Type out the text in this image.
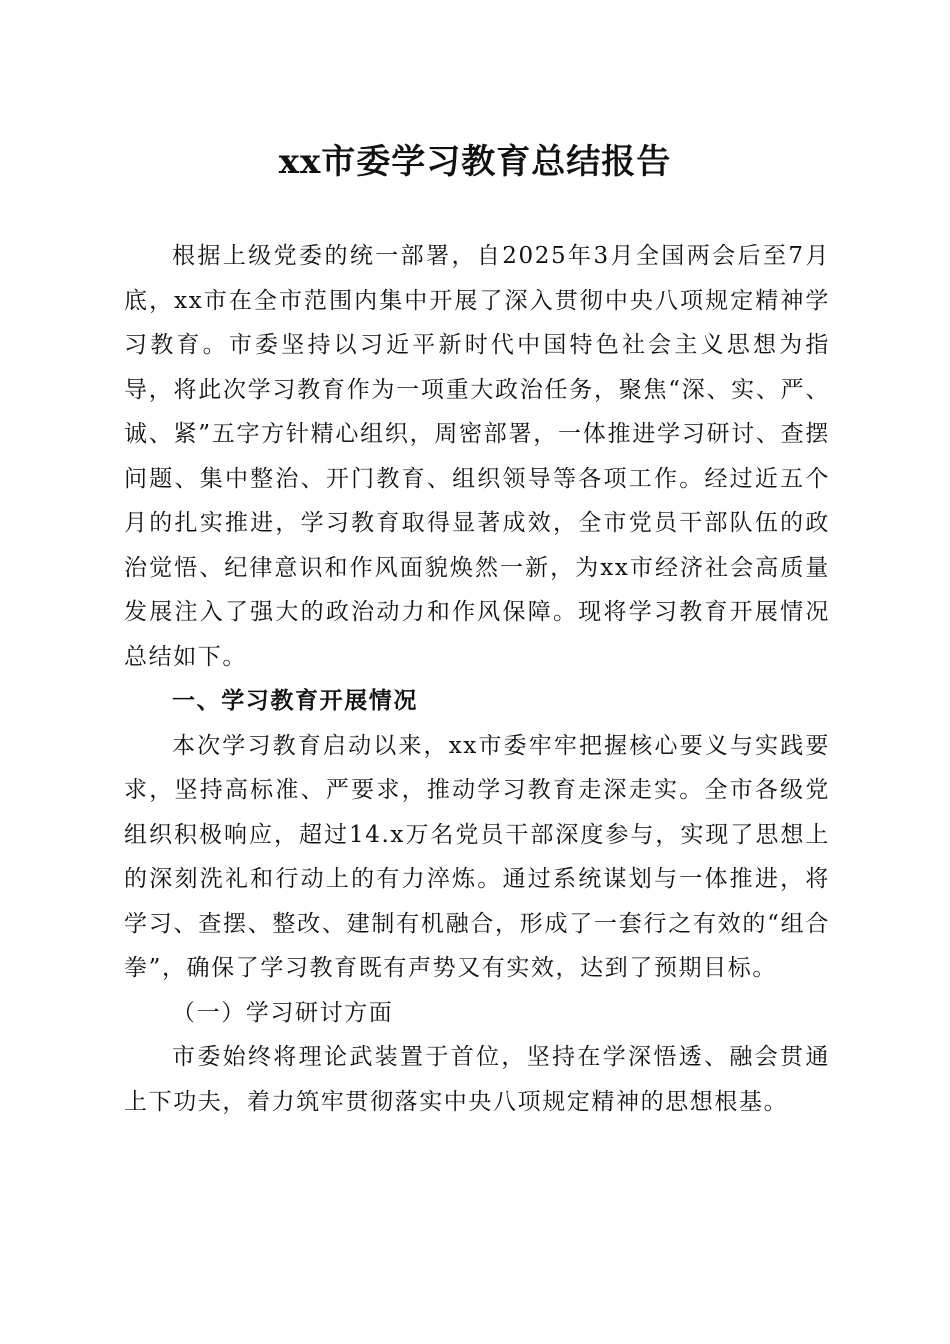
xx市委学习教育总结报告

根据上级党委的统一部署，自2025年3月全国两会后至7月底，xx市在全市范围内集中开展了深入贯彻中央八项规定精神学习教育。市委坚持以习近平新时代中国特色社会主义思想为指导，将此次学习教育作为一项重大政治任务，聚焦“深、实、严、诚、紧”五字方针精心组织，周密部署，一体推进学习研讨、查摆问题、集中整治、开门教育、组织领导等各项工作。经过近五个月的扎实推进，学习教育取得显著成效，全市党员干部队伍的政治觉悟、纪律意识和作风面貌焕然一新，为xx市经济社会高质量发展注入了强大的政治动力和作风保障。现将学习教育开展情况总结如下。

一、学习教育开展情况

本次学习教育启动以来，xx市委牢牢把握核心要义与实践要求，坚持高标准、严要求，推动学习教育走深走实。全市各级党组织积极响应，超过14.x万名党员干部深度参与，实现了思想上的深刻洗礼和行动上的有力淬炼。通过系统谋划与一体推进，将学习、查摆、整改、建制有机融合，形成了一套行之有效的“组合拳”，确保了学习教育既有声势又有实效，达到了预期目标。

（一）学习研讨方面

市委始终将理论武装置于首位，坚持在学深悟透、融会贯通上下功夫，着力筑牢贯彻落实中央八项规定精神的思想根基。
